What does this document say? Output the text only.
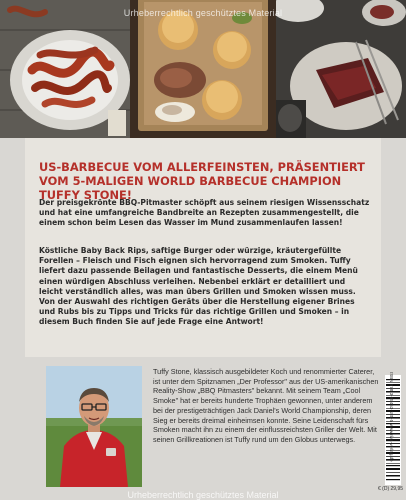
Urheberrechtlich geschütztes Material

US-BARBECUE VOM ALLERFEINSTEN, PRÄSENTIERT VOM 5-MALIGEN WORLD BARBECUE CHAMPION TUFFY STONE!

Der preisgekrönte BBQ-Pitmaster schöpft aus seinem riesigen Wissensschatz und hat eine umfangreiche Bandbreite an Rezepten zusammengestellt, die einem schon beim Lesen das Wasser im Mund zusammenlaufen lassen!

Köstliche Baby Back Rips, saftige Burger oder würzige, kräutergefüllte Forellen – Fleisch und Fisch eignen sich hervorragend zum Smoken. Tuffy liefert dazu passende Beilagen und fantastische Desserts, die einem Menü einen würdigen Abschluss verleihen. Nebenbei erklärt er detailliert und leicht verständlich alles, was man übers Grillen und Smoken wissen muss. Von der Auswahl des richtigen Geräts über die Herstellung eigener Brines und Rubs bis zu Tipps und Tricks für das richtige Grillen und Smoken – in diesem Buch finden Sie auf jede Frage eine Antwort!

Tuffy Stone, klassisch ausgebildeter Koch und renommierter Caterer, ist unter dem Spitznamen „Der Professor" aus der US-amerikanischen Reality-Show „BBQ Pitmasters" bekannt. Mit seinem Team „Cool Smoke" hat er bereits hunderte Trophäen gewonnen, unter anderem bei der prestigeträchtigen Jack Daniel's World Championship, deren Sieg er bereits dreimal einheimsen konnte. Seine Leidenschaft fürs Smoken macht ihn zu einem der einflussreichsten Griller der Welt. Mit seinen Grillkreationen ist Tuffy rund um den Globus unterwegs.

ISBN 978-3-95453-185-5 www.riva-verlag.de
€ (D) 29,95
Urheberrechtlich geschütztes Material
